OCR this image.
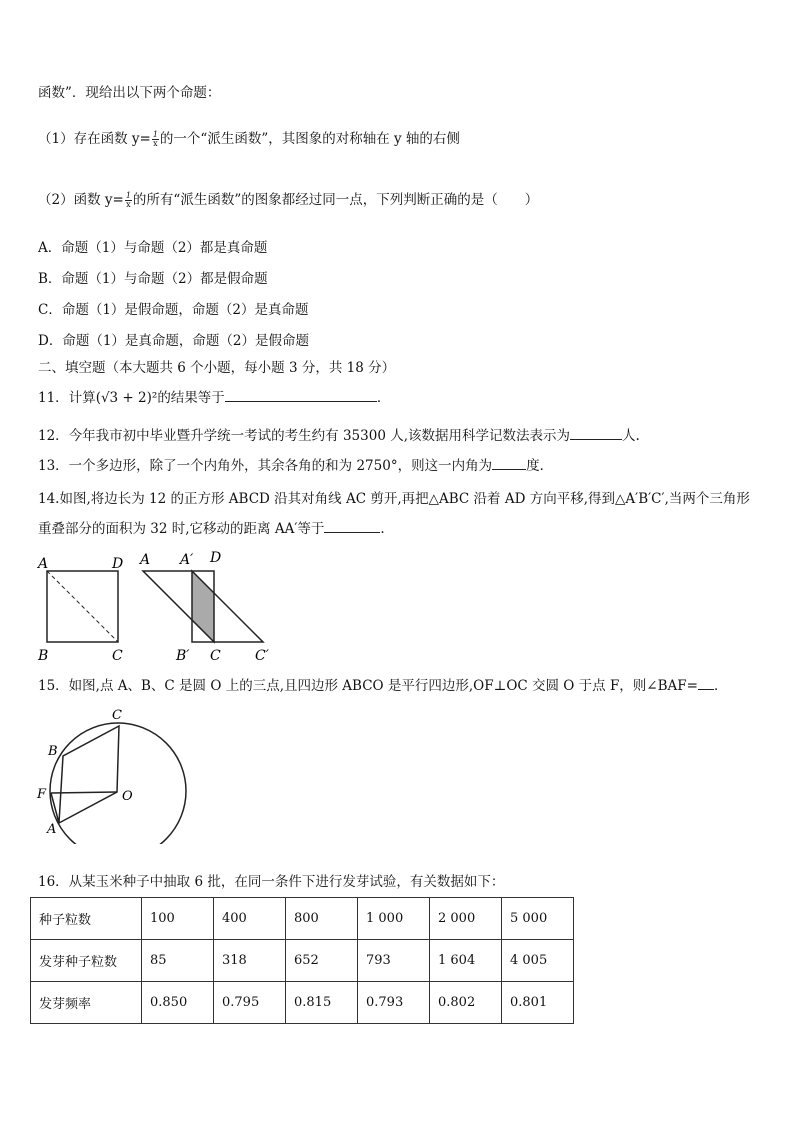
函数”．现给出以下两个命题：
（1）存在函数 $y= \frac{1}{x}$ 的一个“派生函数”，其图象的对称轴在 y 轴的右侧
（2）函数 $y= \frac{1}{x}$ 的所有“派生函数”的图象都经过同一点，下列判断正确的是（　　）
A．命题（1）与命题（2）都是真命题
B．命题（1）与命题（2）都是假命题
C．命题（1）是假命题，命题（2）是真命题
D．命题（1）是真命题，命题（2）是假命题
二、填空题（本大题共 6 个小题，每小题 3 分，共 18 分）
11．计算(√3 + 2)²的结果等于	．
12．今年我市初中毕业暨升学统一考试的考生约有 35300 人,该数据用科学记数法表示为	人.
13．一个多边形，除了一个内角外，其余各角的和为 2750°，则这一内角为	度．
14.如图,将边长为 12 的正方形 ABCD 沿其对角线 AC 剪开,再把△ABC 沿着 AD 方向平移,得到△A′B′C′,当两个三角形
重叠部分的面积为 32 时,它移动的距离 AA′等于	.
A	D
B	C
A A′ D
B′ C C′
15．如图,点 A、B、C 是圆 O 上的三点,且四边形 ABCO 是平行四边形,OF⊥OC 交圆 O 于点 F，则∠BAF= ．
C
B
F	O
A
16．从某玉米种子中抽取 6 批，在同一条件下进行发芽试验，有关数据如下：
种子粒数	100	400	800	1 000	2 000	5 000
发芽种子粒数	85	318	652	793	1 604	4 005
发芽频率	0.850	0.795	0.815	0.793	0.802	0.801
